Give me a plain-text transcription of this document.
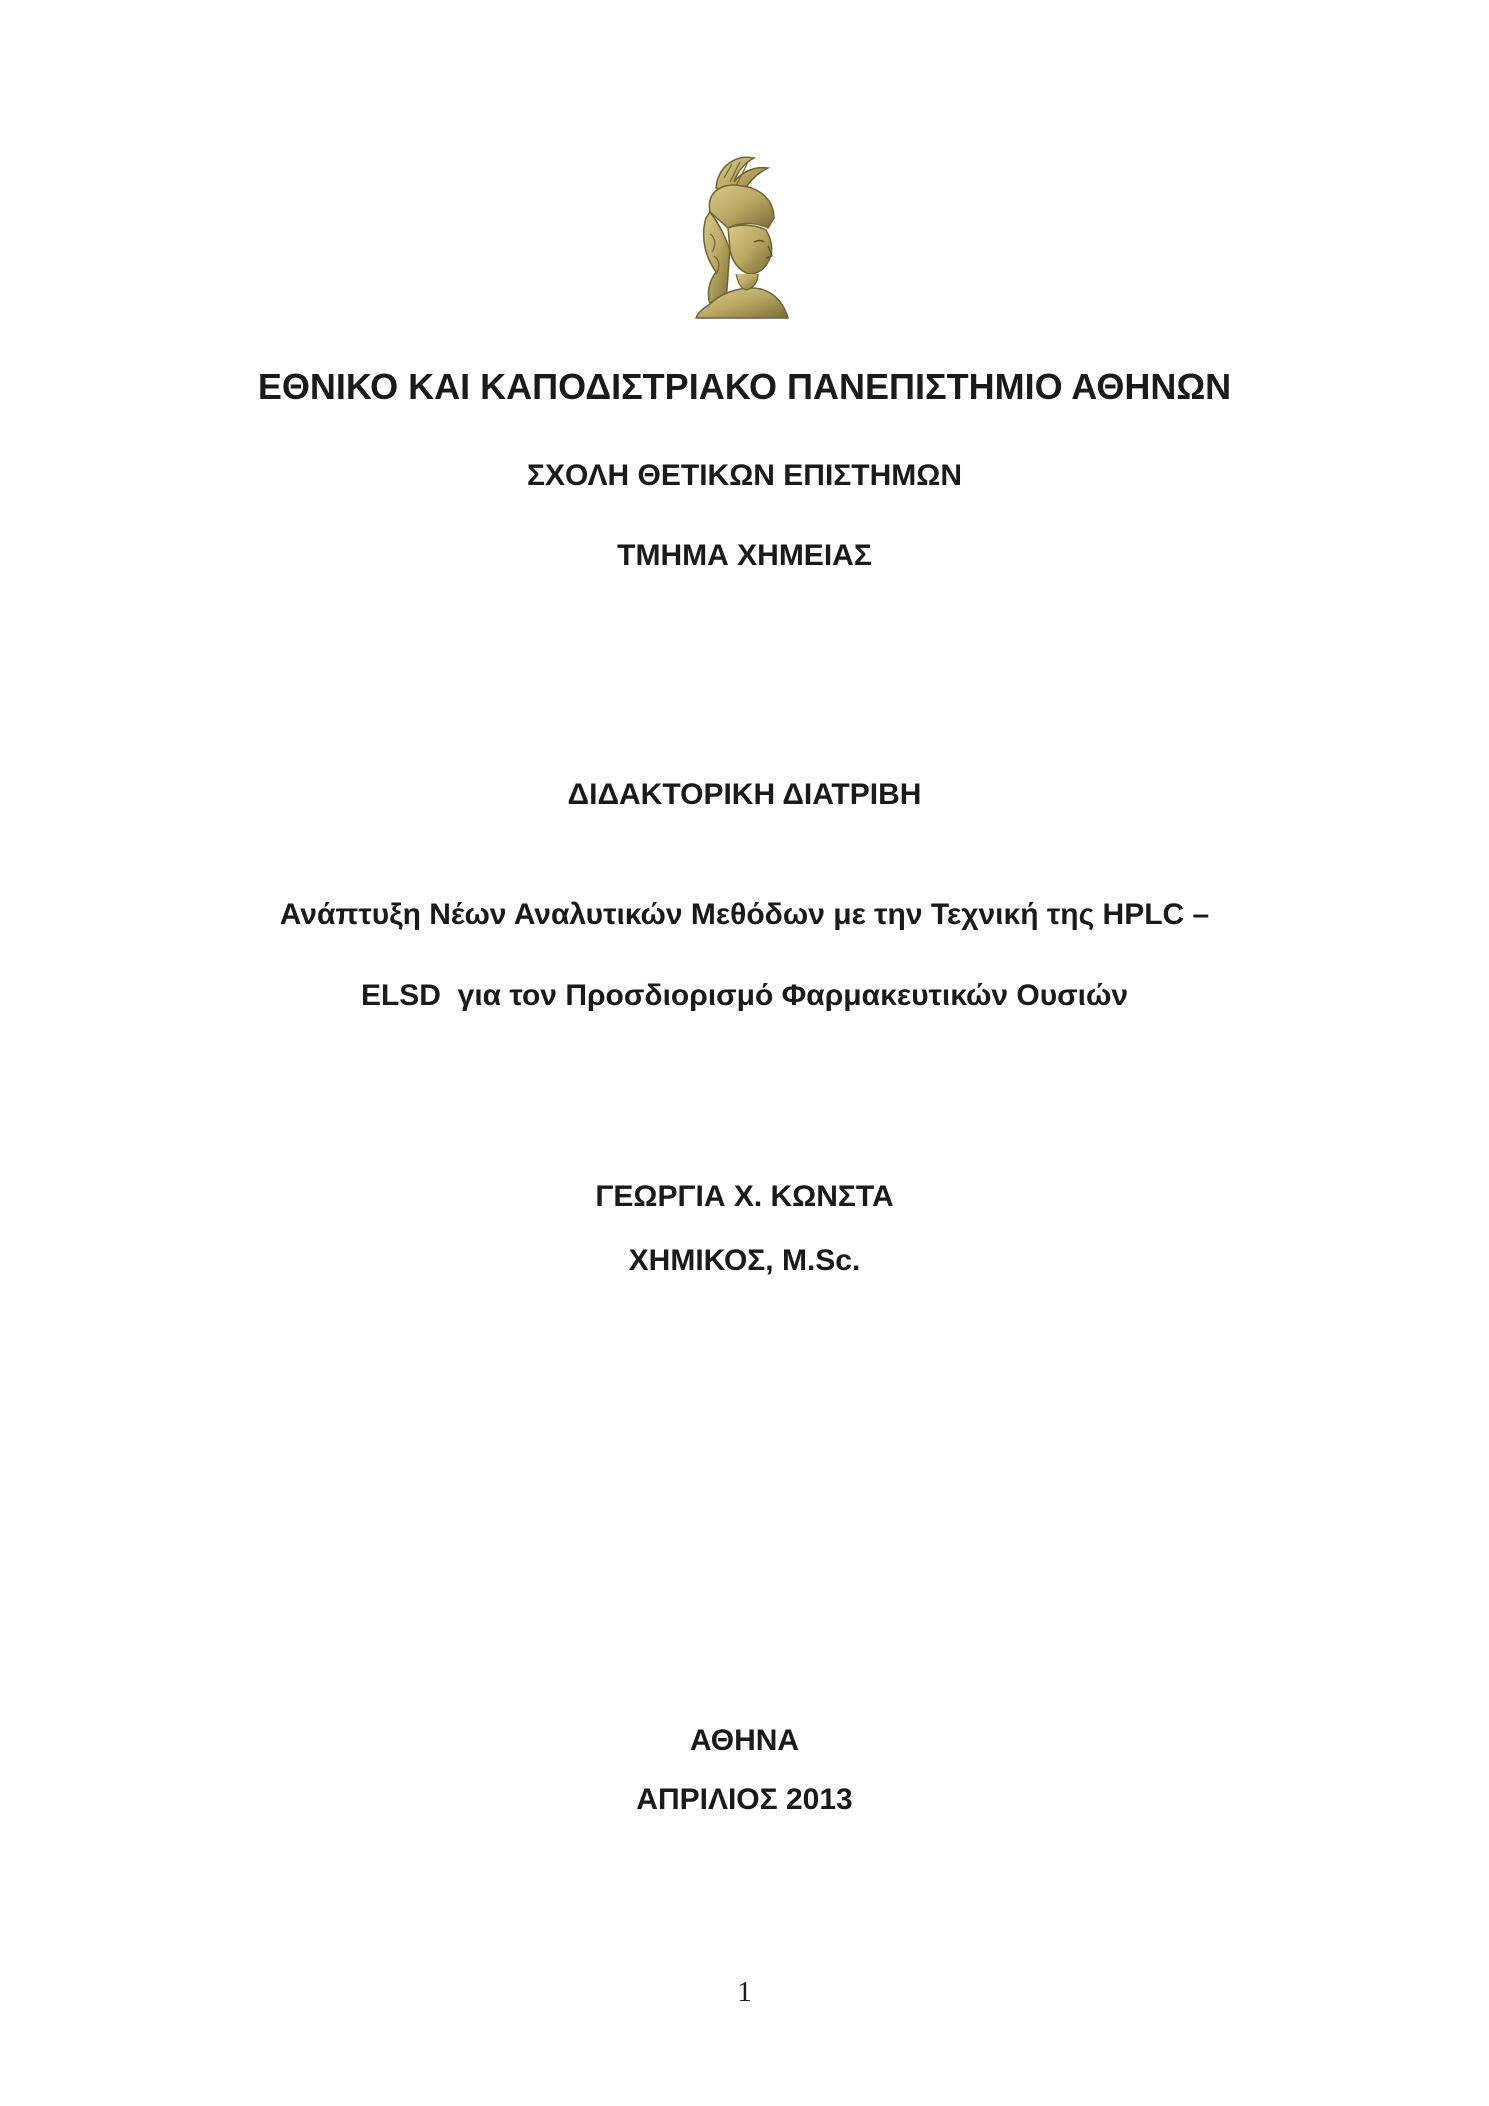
ΕΘΝΙΚΟ ΚΑΙ ΚΑΠΟΔΙΣΤΡΙΑΚΟ ΠΑΝΕΠΙΣΤΗΜΙΟ ΑΘΗΝΩΝ
ΣΧΟΛΗ ΘΕΤΙΚΩΝ ΕΠΙΣΤΗΜΩΝ
ΤΜΗΜΑ ΧΗΜΕΙΑΣ
ΔΙΔΑΚΤΟΡΙΚΗ ΔΙΑΤΡΙΒΗ
Ανάπτυξη Νέων Αναλυτικών Μεθόδων με την Τεχνική της HPLC –
ELSD  για τον Προσδιορισμό Φαρμακευτικών Ουσιών
ΓΕΩΡΓΙΑ Χ. ΚΩΝΣΤΑ
ΧΗΜΙΚΟΣ, M.Sc.
ΑΘΗΝΑ
ΑΠΡΙΛΙΟΣ 2013
1
